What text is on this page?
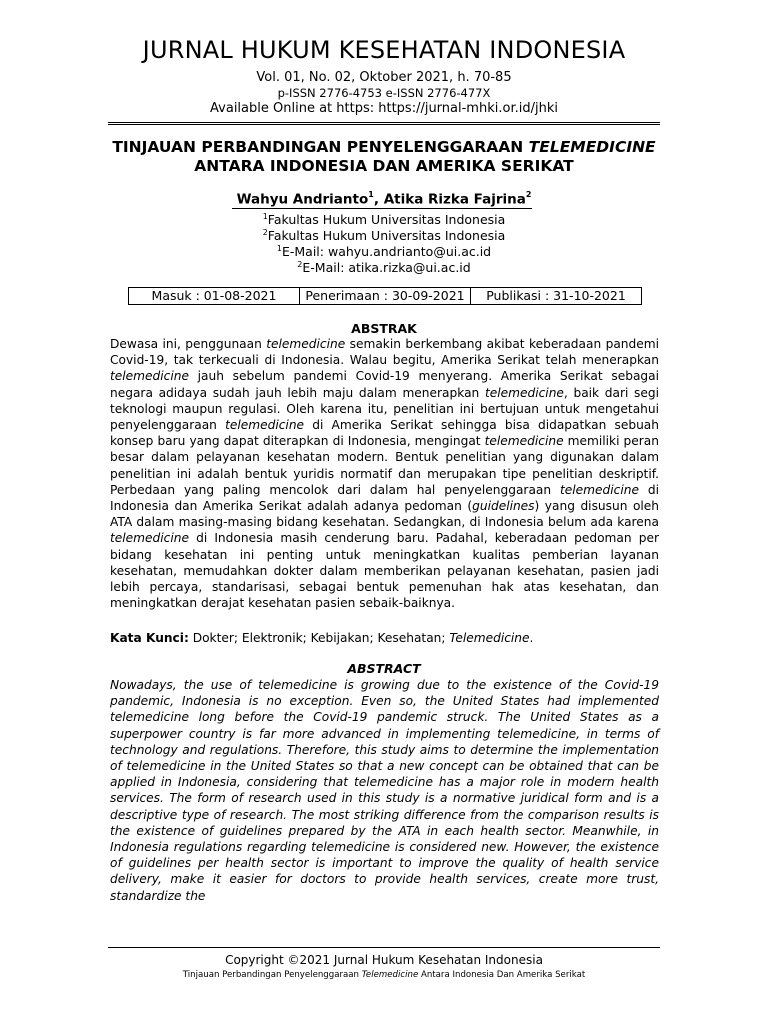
JURNAL HUKUM KESEHATAN INDONESIA
Vol. 01, No. 02, Oktober 2021, h. 70-85
p-ISSN 2776-4753 e-ISSN 2776-477X
Available Online at https: https://jurnal-mhki.or.id/jhki
TINJAUAN PERBANDINGAN PENYELENGGARAAN TELEMEDICINE
ANTARA INDONESIA DAN AMERIKA SERIKAT
Wahyu Andrianto$^1$, Atika Rizka Fajrina$^2$
$^1$Fakultas Hukum Universitas Indonesia
$^2$Fakultas Hukum Universitas Indonesia
$^1$E-Mail: wahyu.andrianto@ui.ac.id
$^2$E-Mail: atika.rizka@ui.ac.id
Masuk : 01-08-2021	Penerimaan : 30-09-2021	Publikasi : 31-10-2021
ABSTRAK
Dewasa ini, penggunaan telemedicine semakin berkembang akibat keberadaan pandemi Covid-19, tak terkecuali di Indonesia. Walau begitu, Amerika Serikat telah menerapkan telemedicine jauh sebelum pandemi Covid-19 menyerang. Amerika Serikat sebagai negara adidaya sudah jauh lebih maju dalam menerapkan telemedicine, baik dari segi teknologi maupun regulasi. Oleh karena itu, penelitian ini bertujuan untuk mengetahui penyelenggaraan telemedicine di Amerika Serikat sehingga bisa didapatkan sebuah konsep baru yang dapat diterapkan di Indonesia, mengingat telemedicine memiliki peran besar dalam pelayanan kesehatan modern. Bentuk penelitian yang digunakan dalam penelitian ini adalah bentuk yuridis normatif dan merupakan tipe penelitian deskriptif. Perbedaan yang paling mencolok dari dalam hal penyelenggaraan telemedicine di Indonesia dan Amerika Serikat adalah adanya pedoman (guidelines) yang disusun oleh ATA dalam masing-masing bidang kesehatan. Sedangkan, di Indonesia belum ada karena telemedicine di Indonesia masih cenderung baru. Padahal, keberadaan pedoman per bidang kesehatan ini penting untuk meningkatkan kualitas pemberian layanan kesehatan, memudahkan dokter dalam memberikan pelayanan kesehatan, pasien jadi lebih percaya, standarisasi, sebagai bentuk pemenuhan hak atas kesehatan, dan meningkatkan derajat kesehatan pasien sebaik-baiknya.
Kata Kunci: Dokter; Elektronik; Kebijakan; Kesehatan; Telemedicine.
ABSTRACT
Nowadays, the use of telemedicine is growing due to the existence of the Covid-19 pandemic, Indonesia is no exception. Even so, the United States had implemented telemedicine long before the Covid-19 pandemic struck. The United States as a superpower country is far more advanced in implementing telemedicine, in terms of technology and regulations. Therefore, this study aims to determine the implementation of telemedicine in the United States so that a new concept can be obtained that can be applied in Indonesia, considering that telemedicine has a major role in modern health services. The form of research used in this study is a normative juridical form and is a descriptive type of research. The most striking difference from the comparison results is the existence of guidelines prepared by the ATA in each health sector. Meanwhile, in Indonesia regulations regarding telemedicine is considered new. However, the existence of guidelines per health sector is important to improve the quality of health service delivery, make it easier for doctors to provide health services, create more trust, standardize the
Copyright ©2021 Jurnal Hukum Kesehatan Indonesia
Tinjauan Perbandingan Penyelenggaraan Telemedicine Antara Indonesia Dan Amerika Serikat
